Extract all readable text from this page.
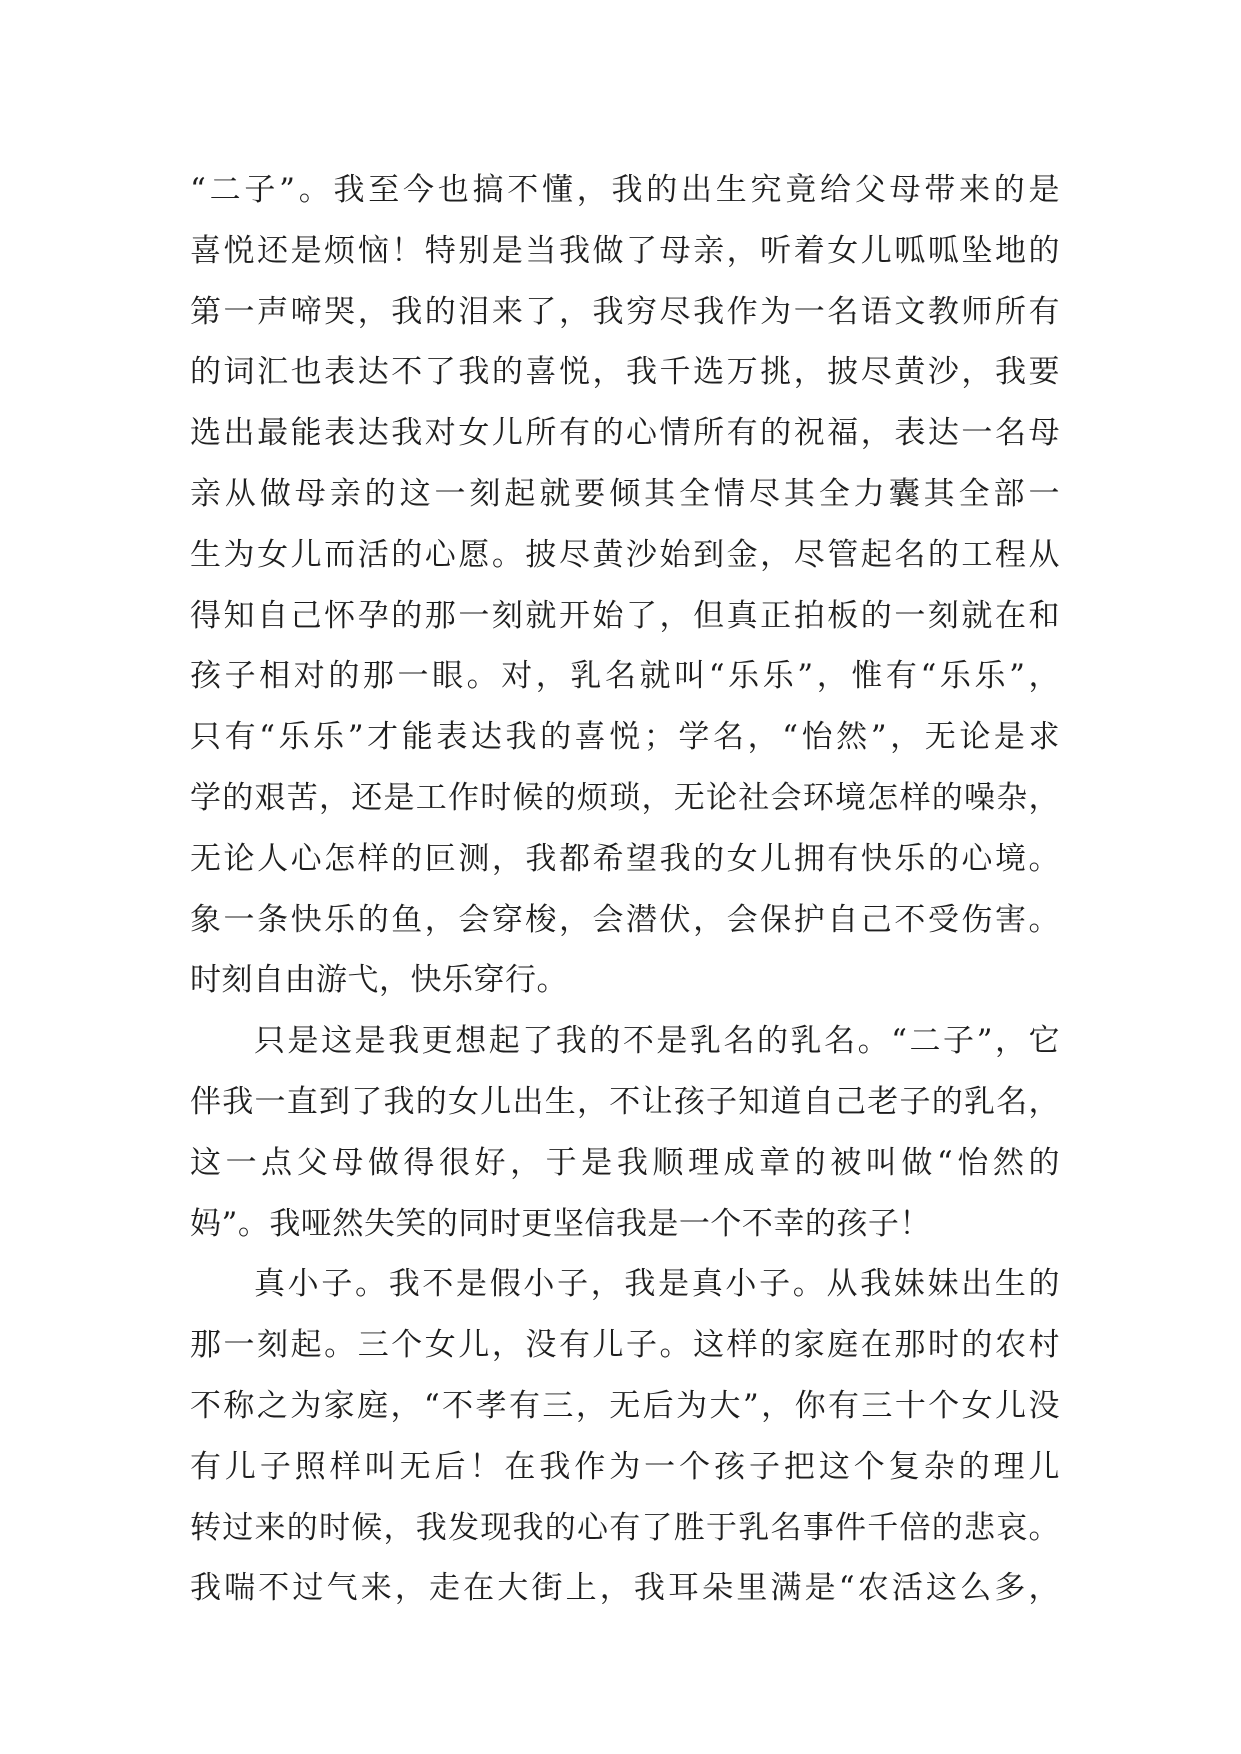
“二子”。我至今也搞不懂，我的出生究竟给父母带来的是
喜悦还是烦恼！特别是当我做了母亲，听着女儿呱呱坠地的
第一声啼哭，我的泪来了，我穷尽我作为一名语文教师所有
的词汇也表达不了我的喜悦，我千选万挑，披尽黄沙，我要
选出最能表达我对女儿所有的心情所有的祝福，表达一名母
亲从做母亲的这一刻起就要倾其全情尽其全力囊其全部一
生为女儿而活的心愿。披尽黄沙始到金，尽管起名的工程从
得知自己怀孕的那一刻就开始了，但真正拍板的一刻就在和
孩子相对的那一眼。对，乳名就叫“乐乐”，惟有“乐乐”，
只有“乐乐”才能表达我的喜悦；学名，“怡然”，无论是求
学的艰苦，还是工作时候的烦琐，无论社会环境怎样的噪杂，
无论人心怎样的叵测，我都希望我的女儿拥有快乐的心境。
象一条快乐的鱼，会穿梭，会潜伏，会保护自己不受伤害。
时刻自由游弋，快乐穿行。
只是这是我更想起了我的不是乳名的乳名。“二子”，它
伴我一直到了我的女儿出生，不让孩子知道自己老子的乳名，
这一点父母做得很好，于是我顺理成章的被叫做“怡然的
妈”。我哑然失笑的同时更坚信我是一个不幸的孩子！
真小子。我不是假小子，我是真小子。从我妹妹出生的
那一刻起。三个女儿，没有儿子。这样的家庭在那时的农村
不称之为家庭，“不孝有三，无后为大”，你有三十个女儿没
有儿子照样叫无后！在我作为一个孩子把这个复杂的理儿
转过来的时候，我发现我的心有了胜于乳名事件千倍的悲哀。
我喘不过气来，走在大街上，我耳朵里满是“农活这么多，
